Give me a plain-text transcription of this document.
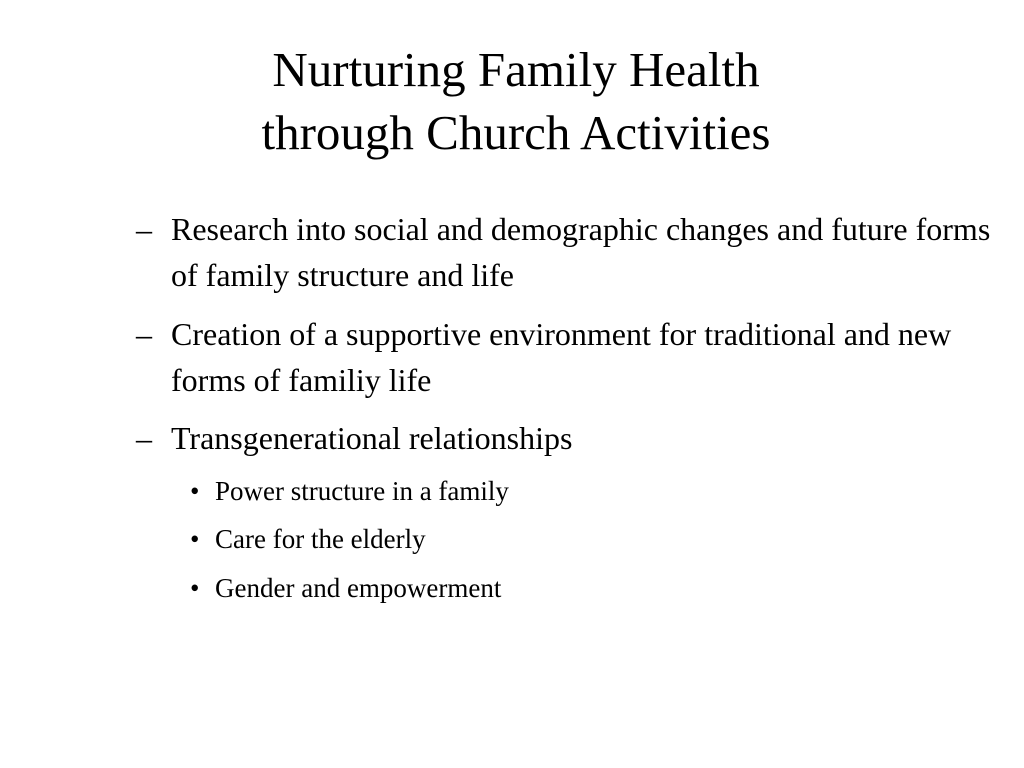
Nurturing Family Health
through Church Activities
– Research into social and demographic changes and future forms of family structure and life
– Creation of a supportive environment for traditional and new forms of familiy life
– Transgenerational relationships
• Power structure in a family
• Care for the elderly
• Gender and empowerment
